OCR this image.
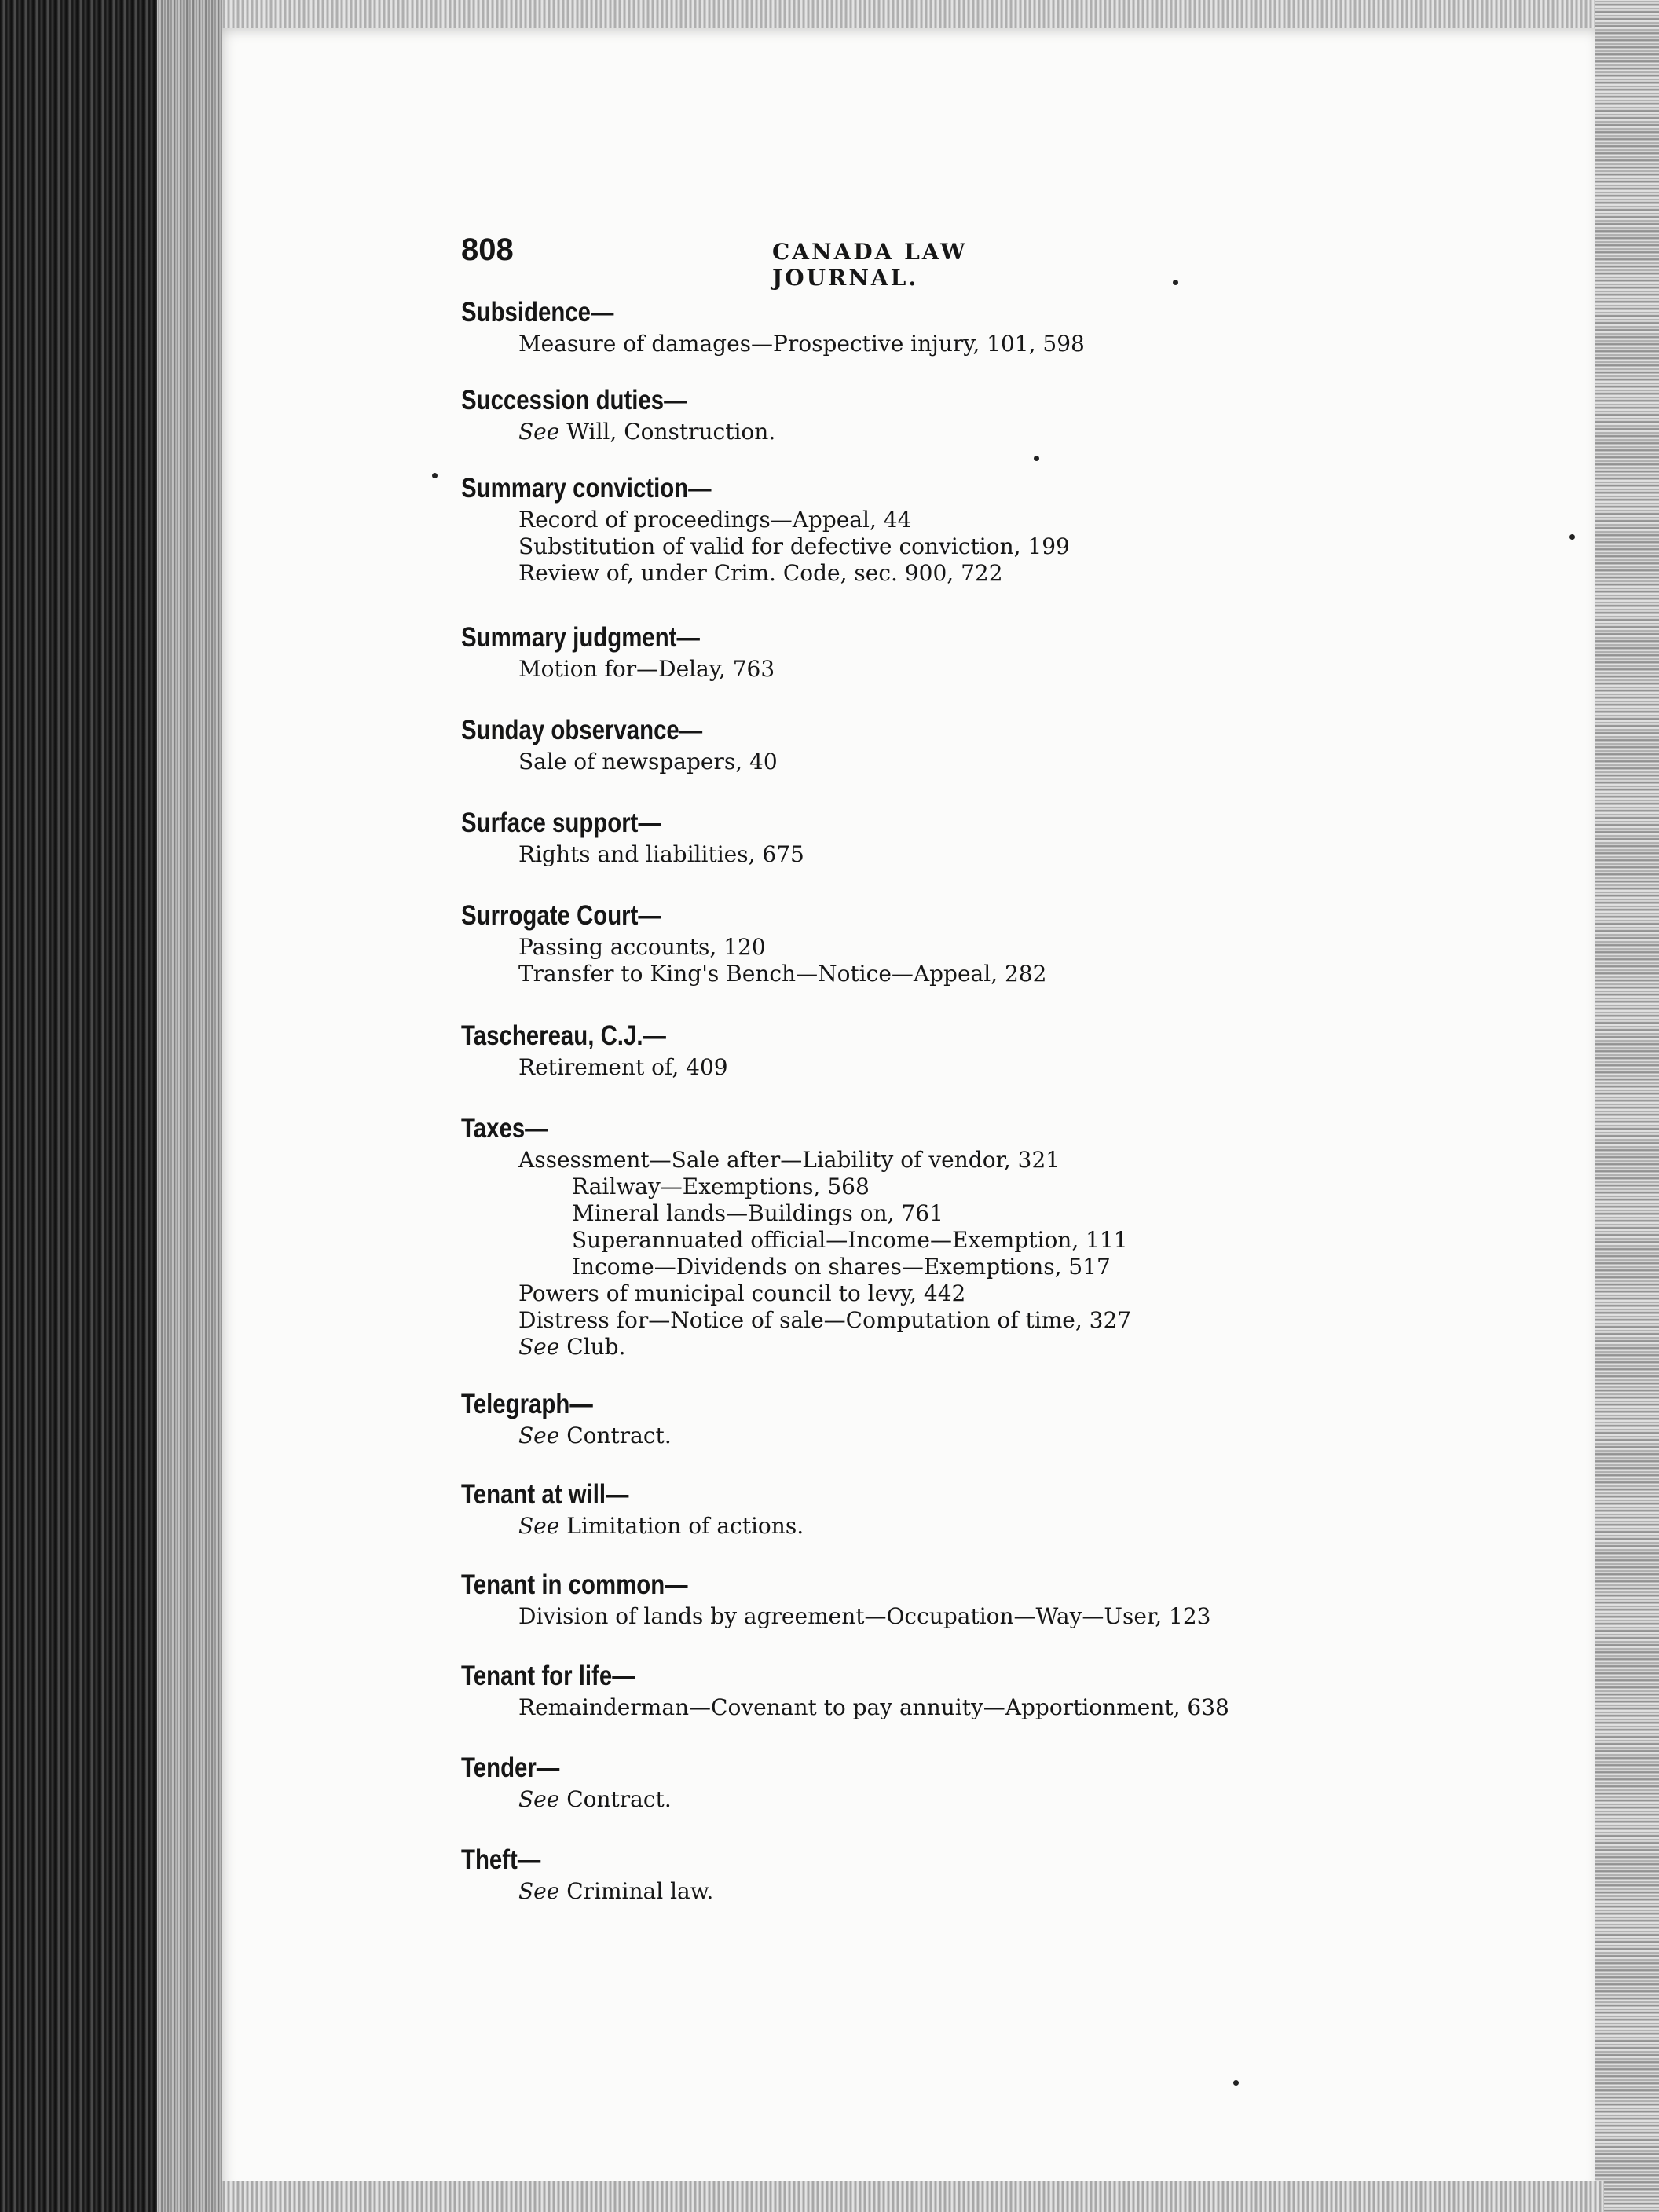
808	CANADA LAW JOURNAL.
Subsidence—
Measure of damages—Prospective injury, 101, 598
Succession duties—
See Will, Construction.
Summary conviction—
Record of proceedings—Appeal, 44
Substitution of valid for defective conviction, 199
Review of, under Crim. Code, sec. 900, 722
Summary judgment—
Motion for—Delay, 763
Sunday observance—
Sale of newspapers, 40
Surface support—
Rights and liabilities, 675
Surrogate Court—
Passing accounts, 120
Transfer to King's Bench—Notice—Appeal, 282
Taschereau, C.J.—
Retirement of, 409
Taxes—
Assessment—Sale after—Liability of vendor, 321
Railway—Exemptions, 568
Mineral lands—Buildings on, 761
Superannuated official—Income—Exemption, 111
Income—Dividends on shares—Exemptions, 517
Powers of municipal council to levy, 442
Distress for—Notice of sale—Computation of time, 327
See Club.
Telegraph—
See Contract.
Tenant at will—
See Limitation of actions.
Tenant in common—
Division of lands by agreement—Occupation—Way—User, 123
Tenant for life—
Remainderman—Covenant to pay annuity—Apportionment, 638
Tender—
See Contract.
Theft—
See Criminal law.
